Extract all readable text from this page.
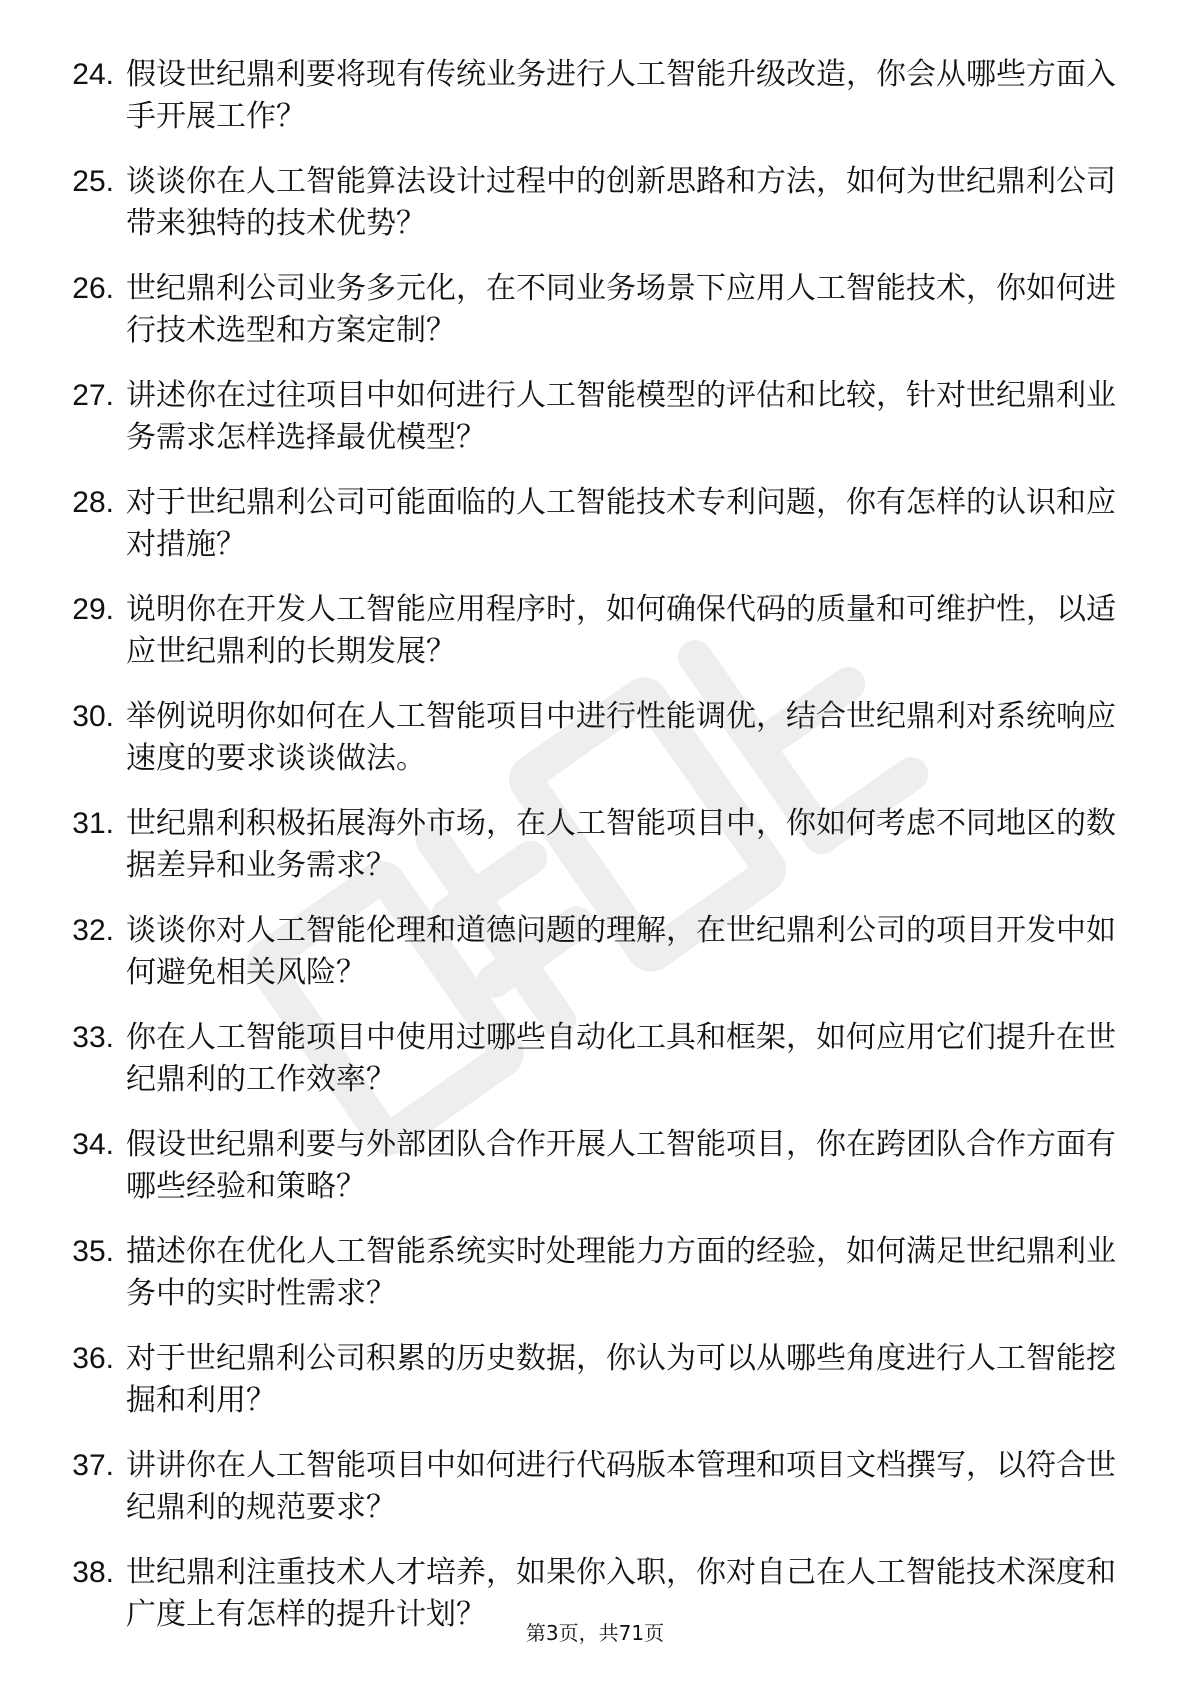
24. 假设世纪鼎利要将现有传统业务进行人工智能升级改造，你会从哪些方面入手开展工作？
25. 谈谈你在人工智能算法设计过程中的创新思路和方法，如何为世纪鼎利公司带来独特的技术优势？
26. 世纪鼎利公司业务多元化，在不同业务场景下应用人工智能技术，你如何进行技术选型和方案定制？
27. 讲述你在过往项目中如何进行人工智能模型的评估和比较，针对世纪鼎利业务需求怎样选择最优模型？
28. 对于世纪鼎利公司可能面临的人工智能技术专利问题，你有怎样的认识和应对措施？
29. 说明你在开发人工智能应用程序时，如何确保代码的质量和可维护性，以适应世纪鼎利的长期发展？
30. 举例说明你如何在人工智能项目中进行性能调优，结合世纪鼎利对系统响应速度的要求谈谈做法。
31. 世纪鼎利积极拓展海外市场，在人工智能项目中，你如何考虑不同地区的数据差异和业务需求？
32. 谈谈你对人工智能伦理和道德问题的理解，在世纪鼎利公司的项目开发中如何避免相关风险？
33. 你在人工智能项目中使用过哪些自动化工具和框架，如何应用它们提升在世纪鼎利的工作效率？
34. 假设世纪鼎利要与外部团队合作开展人工智能项目，你在跨团队合作方面有哪些经验和策略？
35. 描述你在优化人工智能系统实时处理能力方面的经验，如何满足世纪鼎利业务中的实时性需求？
36. 对于世纪鼎利公司积累的历史数据，你认为可以从哪些角度进行人工智能挖掘和利用？
37. 讲讲你在人工智能项目中如何进行代码版本管理和项目文档撰写，以符合世纪鼎利的规范要求？
38. 世纪鼎利注重技术人才培养，如果你入职，你对自己在人工智能技术深度和广度上有怎样的提升计划？
第3页，共71页
